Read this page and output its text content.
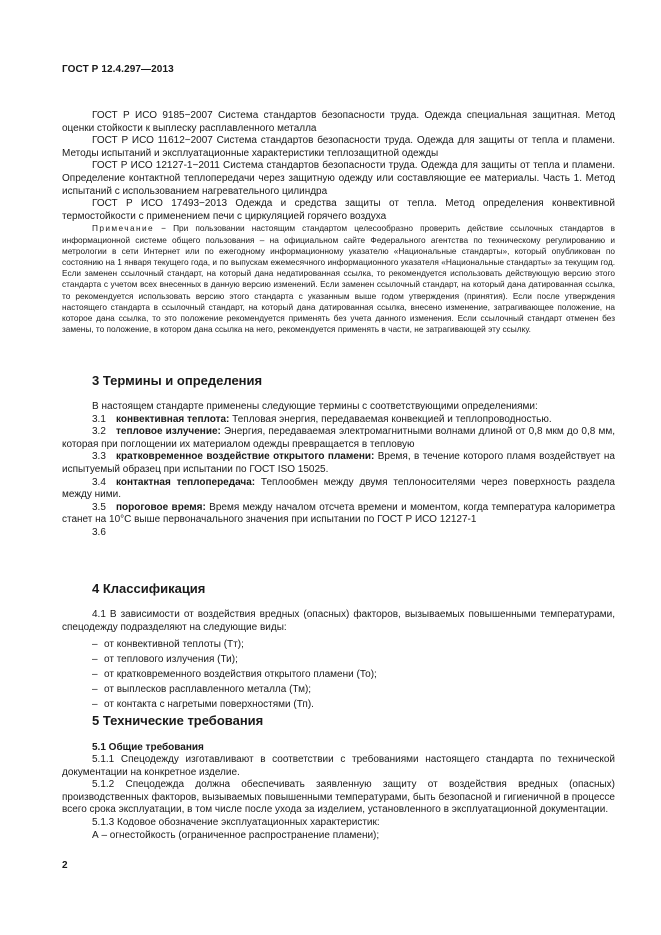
ГОСТ Р 12.4.297—2013

ГОСТ Р ИСО 9185−2007 Система стандартов безопасности труда. Одежда специальная защитная. Метод оценки стойкости к выплеску расплавленного металла

ГОСТ Р ИСО 11612−2007 Система стандартов безопасности труда. Одежда для защиты от тепла и пламени. Методы испытаний и эксплуатационные характеристики теплозащитной одежды

ГОСТ Р ИСО 12127-1−2011 Система стандартов безопасности труда. Одежда для защиты от тепла и пламени. Определение контактной теплопередачи через защитную одежду или составляющие ее материалы. Часть 1. Метод испытаний с использованием нагревательного цилиндра

ГОСТ Р ИСО 17493−2013 Одежда и средства защиты от тепла. Метод определения конвективной термостойкости с применением печи с циркуляцией горячего воздуха

Примечание − При пользовании настоящим стандартом целесообразно проверить действие ссылочных стандартов в информационной системе общего пользования – на официальном сайте Федерального агентства по техническому регулированию и метрологии в сети Интернет или по ежегодному информационному указателю «Национальные стандарты», который опубликован по состоянию на 1 января текущего года, и по выпускам ежемесячного информационного указателя «Национальные стандарты» за текущим год. Если заменен ссылочный стандарт, на который дана недатированная ссылка, то рекомендуется использовать действующую версию этого стандарта с учетом всех внесенных в данную версию изменений. Если заменен ссылочный стандарт, на который дана датированная ссылка, то рекомендуется использовать версию этого стандарта с указанным выше годом утверждения (принятия). Если после утверждения настоящего стандарта в ссылочный стандарт, на который дана датированная ссылка, внесено изменение, затрагивающее положение, на которое дана ссылка, то это положение рекомендуется применять без учета данного изменения. Если ссылочный стандарт отменен без замены, то положение, в котором дана ссылка на него, рекомендуется применять в части, не затрагивающей эту ссылку.

3 Термины и определения

В настоящем стандарте применены следующие термины с соответствующими определениями:

3.1 конвективная теплота: Тепловая энергия, передаваемая конвекцией и теплопроводностью.

3.2 тепловое излучение: Энергия, передаваемая электромагнитными волнами длиной от 0,8 мкм до 0,8 мм, которая при поглощении их материалом одежды превращается в тепловую

3.3 кратковременное воздействие открытого пламени: Время, в течение которого пламя воздействует на испытуемый образец при испытании по ГОСТ ISO 15025.

3.4 контактная теплопередача: Теплообмен между двумя теплоносителями через поверхность раздела между ними.

3.5 пороговое время: Время между началом отсчета времени и моментом, когда температура калориметра станет на 10°С выше первоначального значения при испытании по ГОСТ Р ИСО 12127-1

3.6

4 Классификация

4.1 В зависимости от воздействия вредных (опасных) факторов, вызываемых повышенными температурами, спецодежду подразделяют на следующие виды:

– от конвективной теплоты (Тт);
– от теплового излучения (Ти);
– от кратковременного воздействия открытого пламени (То);
– от выплесков расплавленного металла (Тм);
– от контакта с нагретыми поверхностями (Тп).

5 Технические требования

5.1 Общие требования

5.1.1 Спецодежду изготавливают в соответствии с требованиями настоящего стандарта по технической документации на конкретное изделие.

5.1.2 Спецодежда должна обеспечивать заявленную защиту от воздействия вредных (опасных) производственных факторов, вызываемых повышенными температурами, быть безопасной и гигиеничной в процессе всего срока эксплуатации, в том числе после ухода за изделием, установленного в эксплуатационной документации.

5.1.3 Кодовое обозначение эксплуатационных характеристик:

А – огнестойкость (ограниченное распространение пламени);

2
